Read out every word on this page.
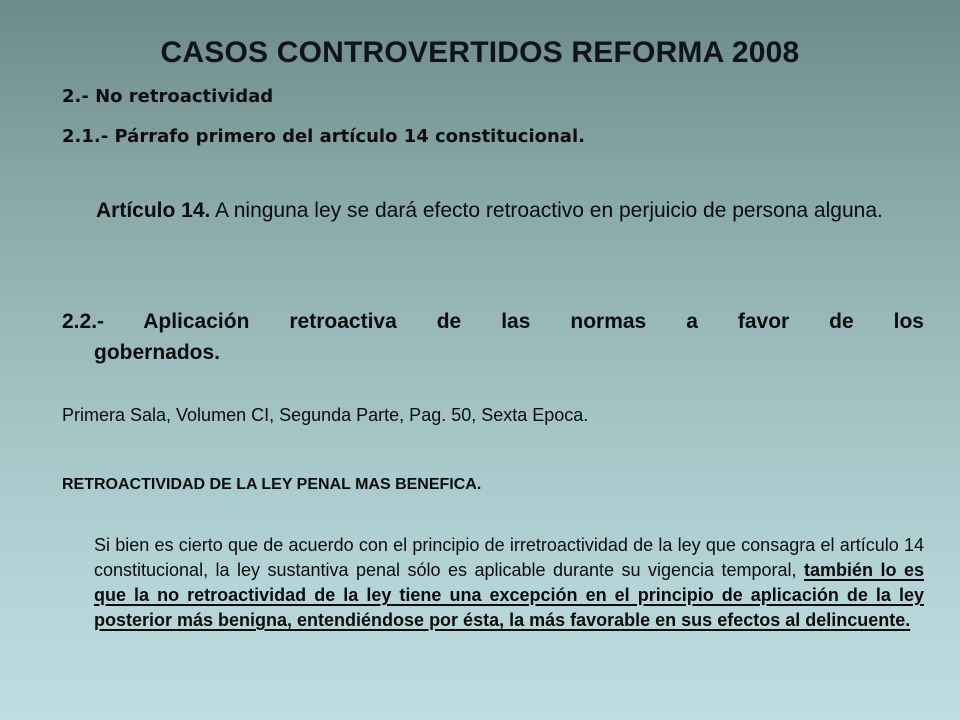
CASOS CONTROVERTIDOS REFORMA 2008
2.- No retroactividad
2.1.- Párrafo primero del artículo 14 constitucional.
Artículo 14. A ninguna ley se dará efecto retroactivo en perjuicio de persona alguna.
2.2.- Aplicación retroactiva de las normas a favor de los
gobernados.
Primera Sala, Volumen CI, Segunda Parte, Pag. 50, Sexta Epoca.
RETROACTIVIDAD DE LA LEY PENAL MAS BENEFICA.
Si bien es cierto que de acuerdo con el principio de irretroactividad de la ley que consagra el artículo 14 constitucional, la ley sustantiva penal sólo es aplicable durante su vigencia temporal, también lo es que la no retroactividad de la ley tiene una excepción en el principio de aplicación de la ley posterior más benigna, entendiéndose por ésta, la más favorable en sus efectos al delincuente.
